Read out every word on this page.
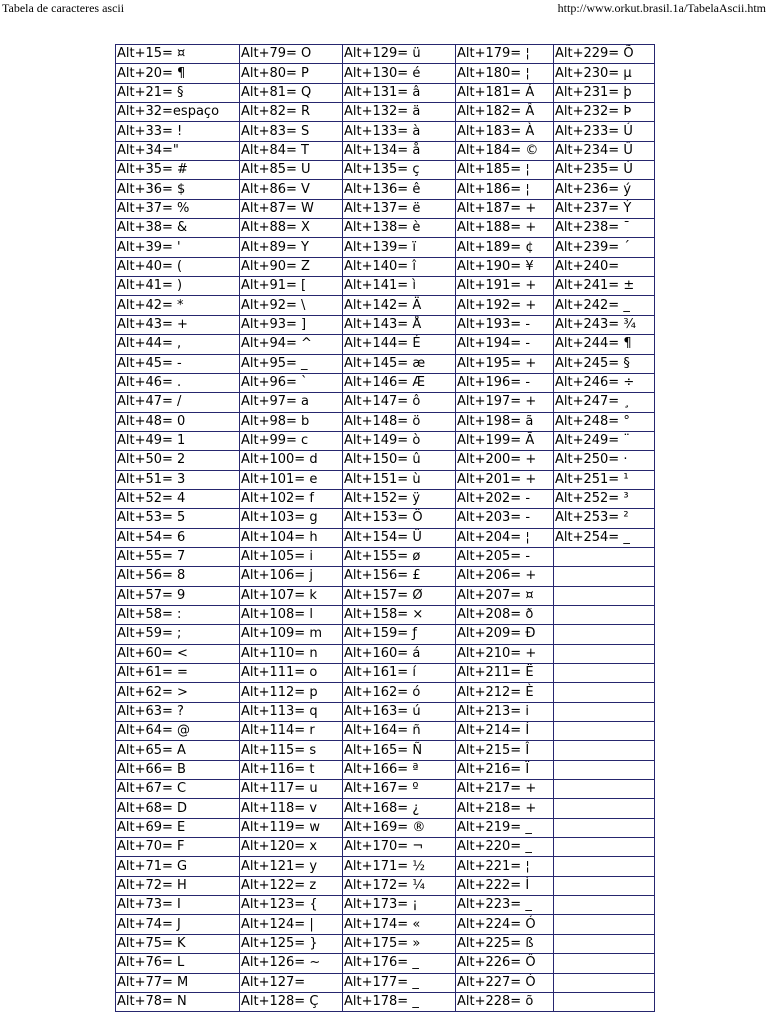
Tabela de caracteres ascii	http://www.orkut.brasil.1a/TabelaAscii.htm
Alt+15= ¤	Alt+79= O	Alt+129= ü	Alt+179= ¦	Alt+229= Õ
Alt+20= ¶	Alt+80= P	Alt+130= é	Alt+180= ¦	Alt+230= µ
Alt+21= §	Alt+81= Q	Alt+131= â	Alt+181= Á	Alt+231= þ
Alt+32=espaço	Alt+82= R	Alt+132= ä	Alt+182= Â	Alt+232= Þ
Alt+33= !	Alt+83= S	Alt+133= à	Alt+183= À	Alt+233= Ú
Alt+34="	Alt+84= T	Alt+134= å	Alt+184= ©	Alt+234= Û
Alt+35= #	Alt+85= U	Alt+135= ç	Alt+185= ¦	Alt+235= Ù
Alt+36= $	Alt+86= V	Alt+136= ê	Alt+186= ¦	Alt+236= ý
Alt+37= %	Alt+87= W	Alt+137= ë	Alt+187= +	Alt+237= Ý
Alt+38= &	Alt+88= X	Alt+138= è	Alt+188= +	Alt+238= ¯
Alt+39= '	Alt+89= Y	Alt+139= ï	Alt+189= ¢	Alt+239= ´
Alt+40= (	Alt+90= Z	Alt+140= î	Alt+190= ¥	Alt+240=
Alt+41= )	Alt+91= [	Alt+141= ì	Alt+191= +	Alt+241= ±
Alt+42= *	Alt+92= \	Alt+142= Ä	Alt+192= +	Alt+242= _
Alt+43= +	Alt+93= ]	Alt+143= Å	Alt+193= -	Alt+243= ¾
Alt+44= ,	Alt+94= ^	Alt+144= É	Alt+194= -	Alt+244= ¶
Alt+45= -	Alt+95= _	Alt+145= æ	Alt+195= +	Alt+245= §
Alt+46= .	Alt+96= `	Alt+146= Æ	Alt+196= -	Alt+246= ÷
Alt+47= /	Alt+97= a	Alt+147= ô	Alt+197= +	Alt+247= ¸
Alt+48= 0	Alt+98= b	Alt+148= ö	Alt+198= ã	Alt+248= °
Alt+49= 1	Alt+99= c	Alt+149= ò	Alt+199= Ã	Alt+249= ¨
Alt+50= 2	Alt+100= d	Alt+150= û	Alt+200= +	Alt+250= ·
Alt+51= 3	Alt+101= e	Alt+151= ù	Alt+201= +	Alt+251= ¹
Alt+52= 4	Alt+102= f	Alt+152= ÿ	Alt+202= -	Alt+252= ³
Alt+53= 5	Alt+103= g	Alt+153= Ö	Alt+203= -	Alt+253= ²
Alt+54= 6	Alt+104= h	Alt+154= Ü	Alt+204= ¦	Alt+254= _
Alt+55= 7	Alt+105= i	Alt+155= ø	Alt+205= -	
Alt+56= 8	Alt+106= j	Alt+156= £	Alt+206= +	
Alt+57= 9	Alt+107= k	Alt+157= Ø	Alt+207= ¤	
Alt+58= :	Alt+108= l	Alt+158= ×	Alt+208= ð	
Alt+59= ;	Alt+109= m	Alt+159= ƒ	Alt+209= Ð	
Alt+60= <	Alt+110= n	Alt+160= á	Alt+210= +	
Alt+61= =	Alt+111= o	Alt+161= í	Alt+211= Ë	
Alt+62= >	Alt+112= p	Alt+162= ó	Alt+212= È	
Alt+63= ?	Alt+113= q	Alt+163= ú	Alt+213= i	
Alt+64= @	Alt+114= r	Alt+164= ñ	Alt+214= Í	
Alt+65= A	Alt+115= s	Alt+165= Ñ	Alt+215= Î	
Alt+66= B	Alt+116= t	Alt+166= ª	Alt+216= Ï	
Alt+67= C	Alt+117= u	Alt+167= º	Alt+217= +	
Alt+68= D	Alt+118= v	Alt+168= ¿	Alt+218= +	
Alt+69= E	Alt+119= w	Alt+169= ®	Alt+219= _	
Alt+70= F	Alt+120= x	Alt+170= ¬	Alt+220= _	
Alt+71= G	Alt+121= y	Alt+171= ½	Alt+221= ¦	
Alt+72= H	Alt+122= z	Alt+172= ¼	Alt+222= Ì	
Alt+73= I	Alt+123= {	Alt+173= ¡	Alt+223= _	
Alt+74= J	Alt+124= |	Alt+174= «	Alt+224= Ó	
Alt+75= K	Alt+125= }	Alt+175= »	Alt+225= ß	
Alt+76= L	Alt+126= ~	Alt+176= _	Alt+226= Ô	
Alt+77= M	Alt+127=	Alt+177= _	Alt+227= Ò	
Alt+78= N	Alt+128= Ç	Alt+178= _	Alt+228= õ	
